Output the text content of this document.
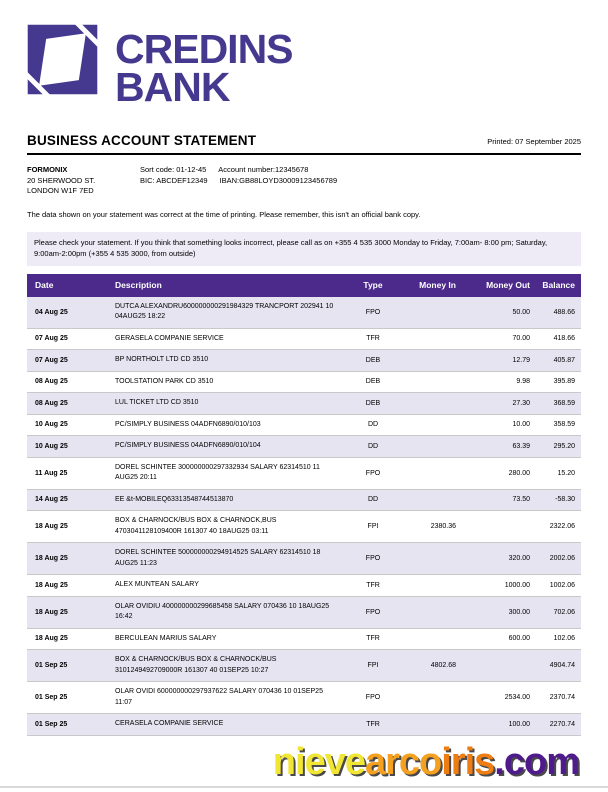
CREDINS
BANK
BUSINESS ACCOUNT STATEMENT	Printed: 07 September 2025
FORMONIX
20 SHERWOOD ST.
LONDON W1F 7ED
Sort code: 01-12-45 Account number:12345678
BIC: ABCDEF12349 IBAN:GB88LOYD30009123456789

The data shown on your statement was correct at the time of printing. Please remember, this isn't an official bank copy.

Please check your statement. If you think that something looks incorrect, please call as on +355 4 535 3000 Monday to Friday, 7:00am- 8:00 pm; Saturday, 9:00am-2:00pm (+355 4 535 3000, from outside)
Date	Description	Type	Money In	Money Out	Balance
04 Aug 25	DUTCA ALEXANDRU600000000291984329 TRANCPORT 202941 10 04AUG25 18:22	FPO		50.00	488.66
07 Aug 25	GERASELA COMPANIE SERVICE	TFR		70.00	418.66
07 Aug 25	BP NORTHOLT LTD CD 3510	DEB		12.79	405.87
08 Aug 25	TOOLSTATION PARK CD 3510	DEB		9.98	395.89
08 Aug 25	LUL TICKET LTD CD 3510	DEB		27.30	368.59
10 Aug 25	PC/SIMPLY BUSINESS 04ADFN6890/010/103	DD		10.00	358.59
10 Aug 25	PC/SIMPLY BUSINESS 04ADFN6890/010/104	DD		63.39	295.20
11 Aug 25	DOREL SCHINTEE 300000000297332934 SALARY 62314510 11 AUG25 20:11	FPO		280.00	15.20
14 Aug 25	EE &t-MOBILEQ63313548744513870	DD		73.50	-58.30
18 Aug 25	BOX & CHARNOCK/BUS BOX & CHARNOCK,BUS 4703041128109400R 161307 40 18AUG25 03:11	FPI	2380.36		2322.06
18 Aug 25	DOREL SCHINTEE 500000000294914525 SALARY 62314510 18 AUG25 11:23	FPO		320.00	2002.06
18 Aug 25	ALEX MUNTEAN SALARY	TFR		1000.00	1002.06
18 Aug 25	OLAR OVIDIU 400000000299685458 SALARY 070436 10 18AUG25 16:42	FPO		300.00	702.06
18 Aug 25	BERCULEAN MARIUS SALARY	TFR		600.00	102.06
01 Sep 25	BOX & CHARNOCK/BUS BOX & CHARNOCK/BUS 3101249492709000R 161307 40 01SEP25 10:27	FPI	4802.68		4904.74
01 Sep 25	OLAR OVIDI 600000000297937622 SALARY 070436 10 01SEP25 11:07	FPO		2534.00	2370.74
01 Sep 25	CERASELA COMPANIE SERVICE	TFR		100.00	2270.74
nievearcoiris.com
